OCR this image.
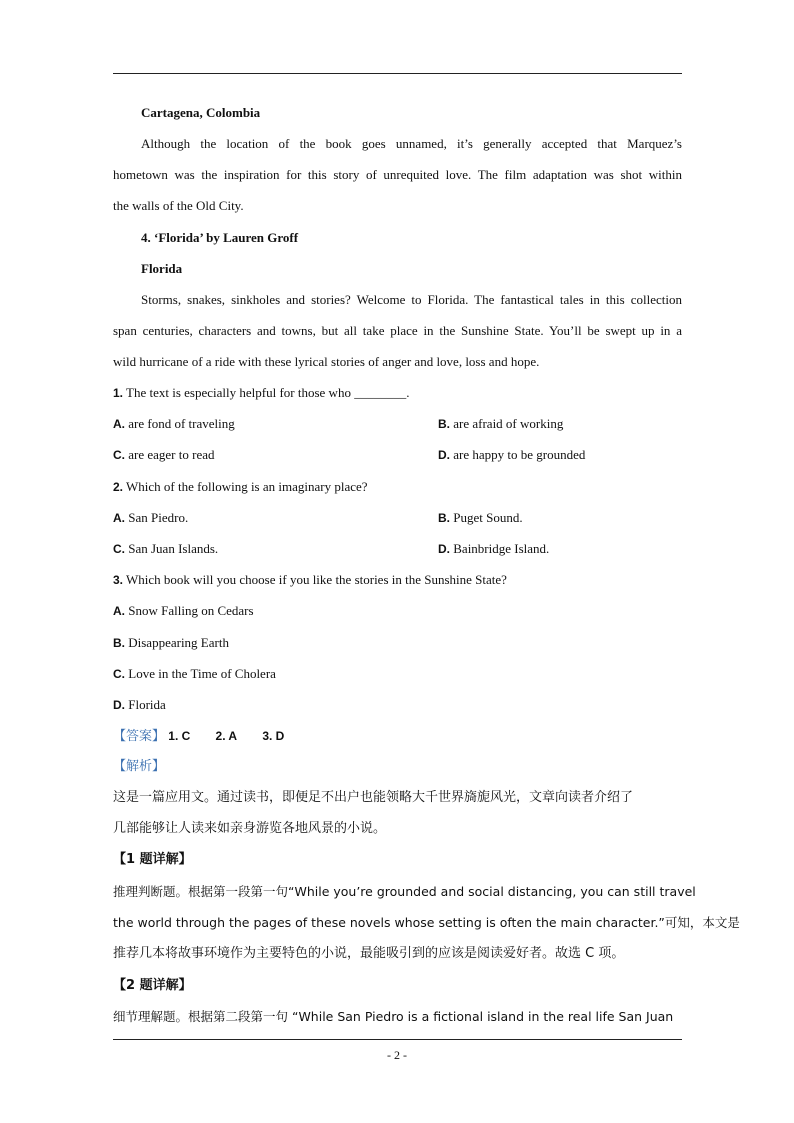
Cartagena, Colombia
Although the location of the book goes unnamed, it’s generally accepted that Marquez’s
hometown was the inspiration for this story of unrequited love. The film adaptation was shot within
the walls of the Old City.
4. ‘Florida’ by Lauren Groff
Florida
Storms, snakes, sinkholes and stories? Welcome to Florida. The fantastical tales in this collection
span centuries, characters and towns, but all take place in the Sunshine State. You’ll be swept up in a
wild hurricane of a ride with these lyrical stories of anger and love, loss and hope.
1. The text is especially helpful for those who ________.
A. are fond of traveling	B. are afraid of working
C. are eager to read	D. are happy to be grounded
2. Which of the following is an imaginary place?
A. San Piedro.	B. Puget Sound.
C. San Juan Islands.	D. Bainbridge Island.
3. Which book will you choose if you like the stories in the Sunshine State?
A. Snow Falling on Cedars
B. Disappearing Earth
C. Love in the Time of Cholera
D. Florida
【答案】 1. C 2. A 3. D
【解析】
这是一篇应用文。通过读书，即便足不出户也能领略大千世界旖旎风光，文章向读者介绍了
几部能够让人读来如亲身游览各地风景的小说。
【1 题详解】
推理判断题。根据第一段第一句“While you’re grounded and social distancing, you can still travel
the world through the pages of these novels whose setting is often the main character.”可知，本文是
推荐几本将故事环境作为主要特色的小说，最能吸引到的应该是阅读爱好者。故选 C 项。
【2 题详解】
细节理解题。根据第二段第一句 “While San Piedro is a fictional island in the real life San Juan
- 2 -
